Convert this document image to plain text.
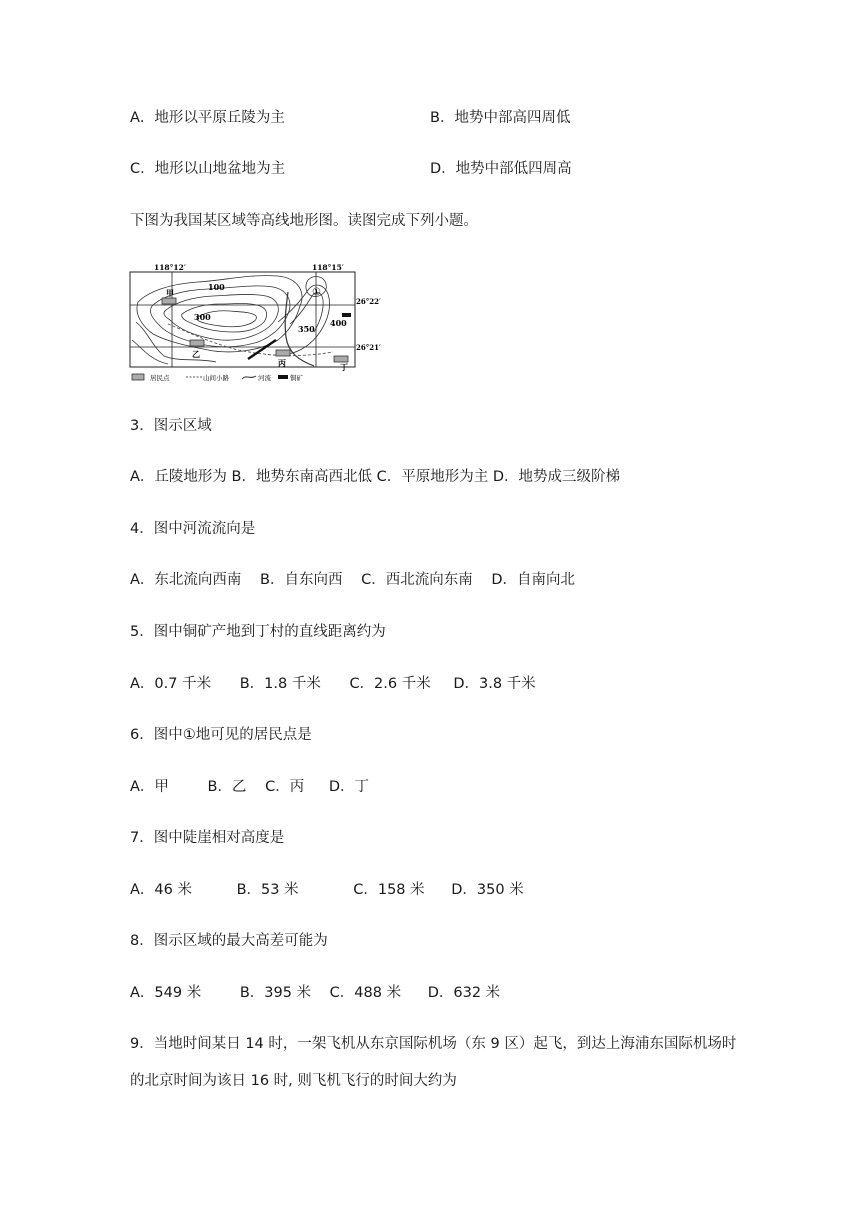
A．地形以平原丘陵为主	B．地势中部高四周低
C．地形以山地盆地为主	D．地势中部低四周高
下图为我国某区域等高线地形图。读图完成下列小题。
118°12′	118°15′
26°22′
26°21′
100
300
350
400
①
甲
乙
丙	丁
居民点	山间小路	河流	铜矿
3．图示区域
A．丘陵地形为 B．地势东南高西北低 C．平原地形为主 D．地势成三级阶梯
4．图中河流流向是
A．东北流向西南 B．自东向西 C．西北流向东南 D．自南向北
5．图中铜矿产地到丁村的直线距离约为
A．0.7 千米 B．1.8 千米 C．2.6 千米 D．3.8 千米
6．图中①地可见的居民点是
A．甲	B．乙 C．丙 D．丁
7．图中陡崖相对高度是
A．46 米	B．53 米	C．158 米 D．350 米
8．图示区域的最大高差可能为
A．549 米	B．395 米 C．488 米 D．632 米
9．当地时间某日 14 时，一架飞机从东京国际机场（东 9 区）起飞，到达上海浦东国际机场时
的北京时间为该日 16 时, 则飞机飞行的时间大约为
